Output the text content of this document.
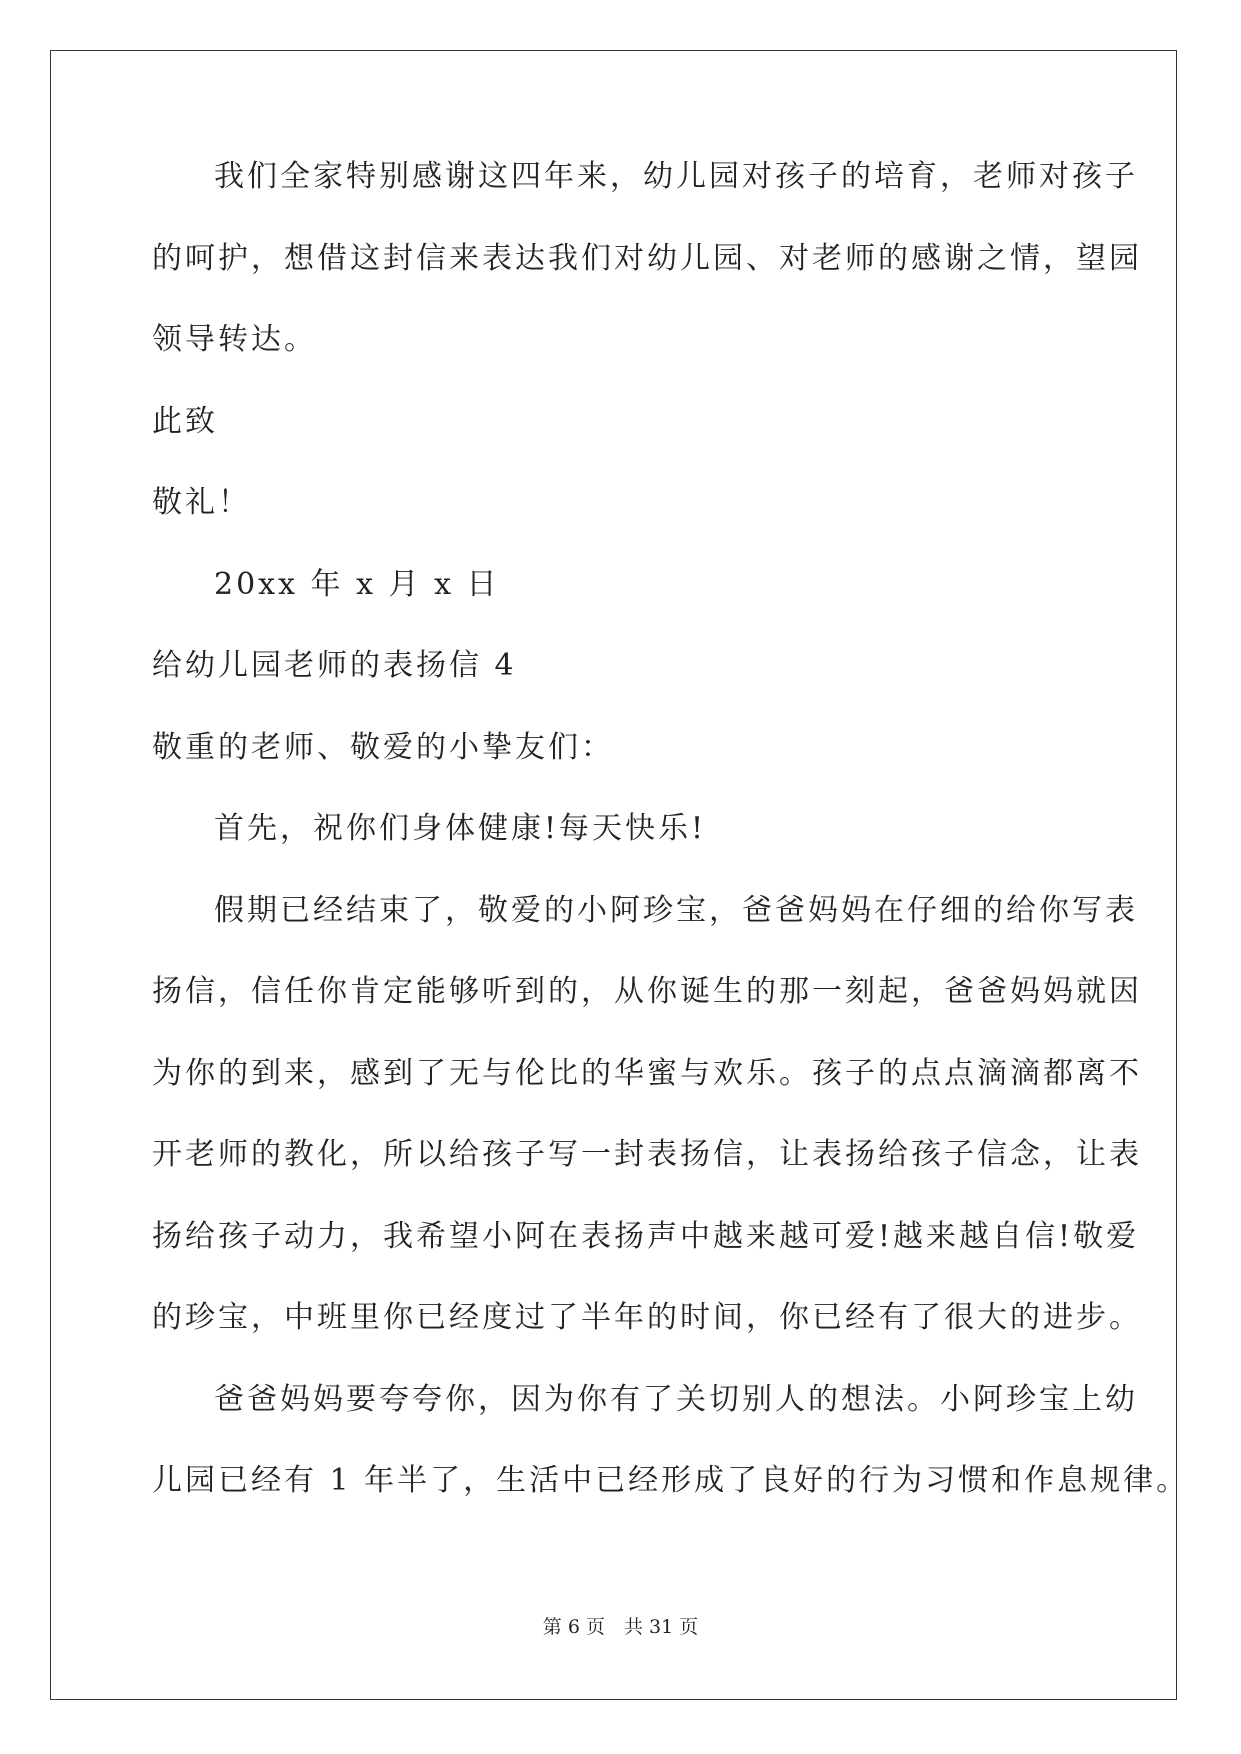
我们全家特别感谢这四年来，幼儿园对孩子的培育，老师对孩子
的呵护，想借这封信来表达我们对幼儿园、对老师的感谢之情，望园
领导转达。
此致
敬礼！
20xx 年 x 月 x 日
给幼儿园老师的表扬信 4
敬重的老师、敬爱的小挚友们：
首先，祝你们身体健康!每天快乐!
假期已经结束了，敬爱的小阿珍宝，爸爸妈妈在仔细的给你写表
扬信，信任你肯定能够听到的，从你诞生的那一刻起，爸爸妈妈就因
为你的到来，感到了无与伦比的华蜜与欢乐。孩子的点点滴滴都离不
开老师的教化，所以给孩子写一封表扬信，让表扬给孩子信念，让表
扬给孩子动力，我希望小阿在表扬声中越来越可爱!越来越自信!敬爱
的珍宝，中班里你已经度过了半年的时间，你已经有了很大的进步。
爸爸妈妈要夸夸你，因为你有了关切别人的想法。小阿珍宝上幼
儿园已经有 1 年半了，生活中已经形成了良好的行为习惯和作息规律。
第 6 页　共 31 页
